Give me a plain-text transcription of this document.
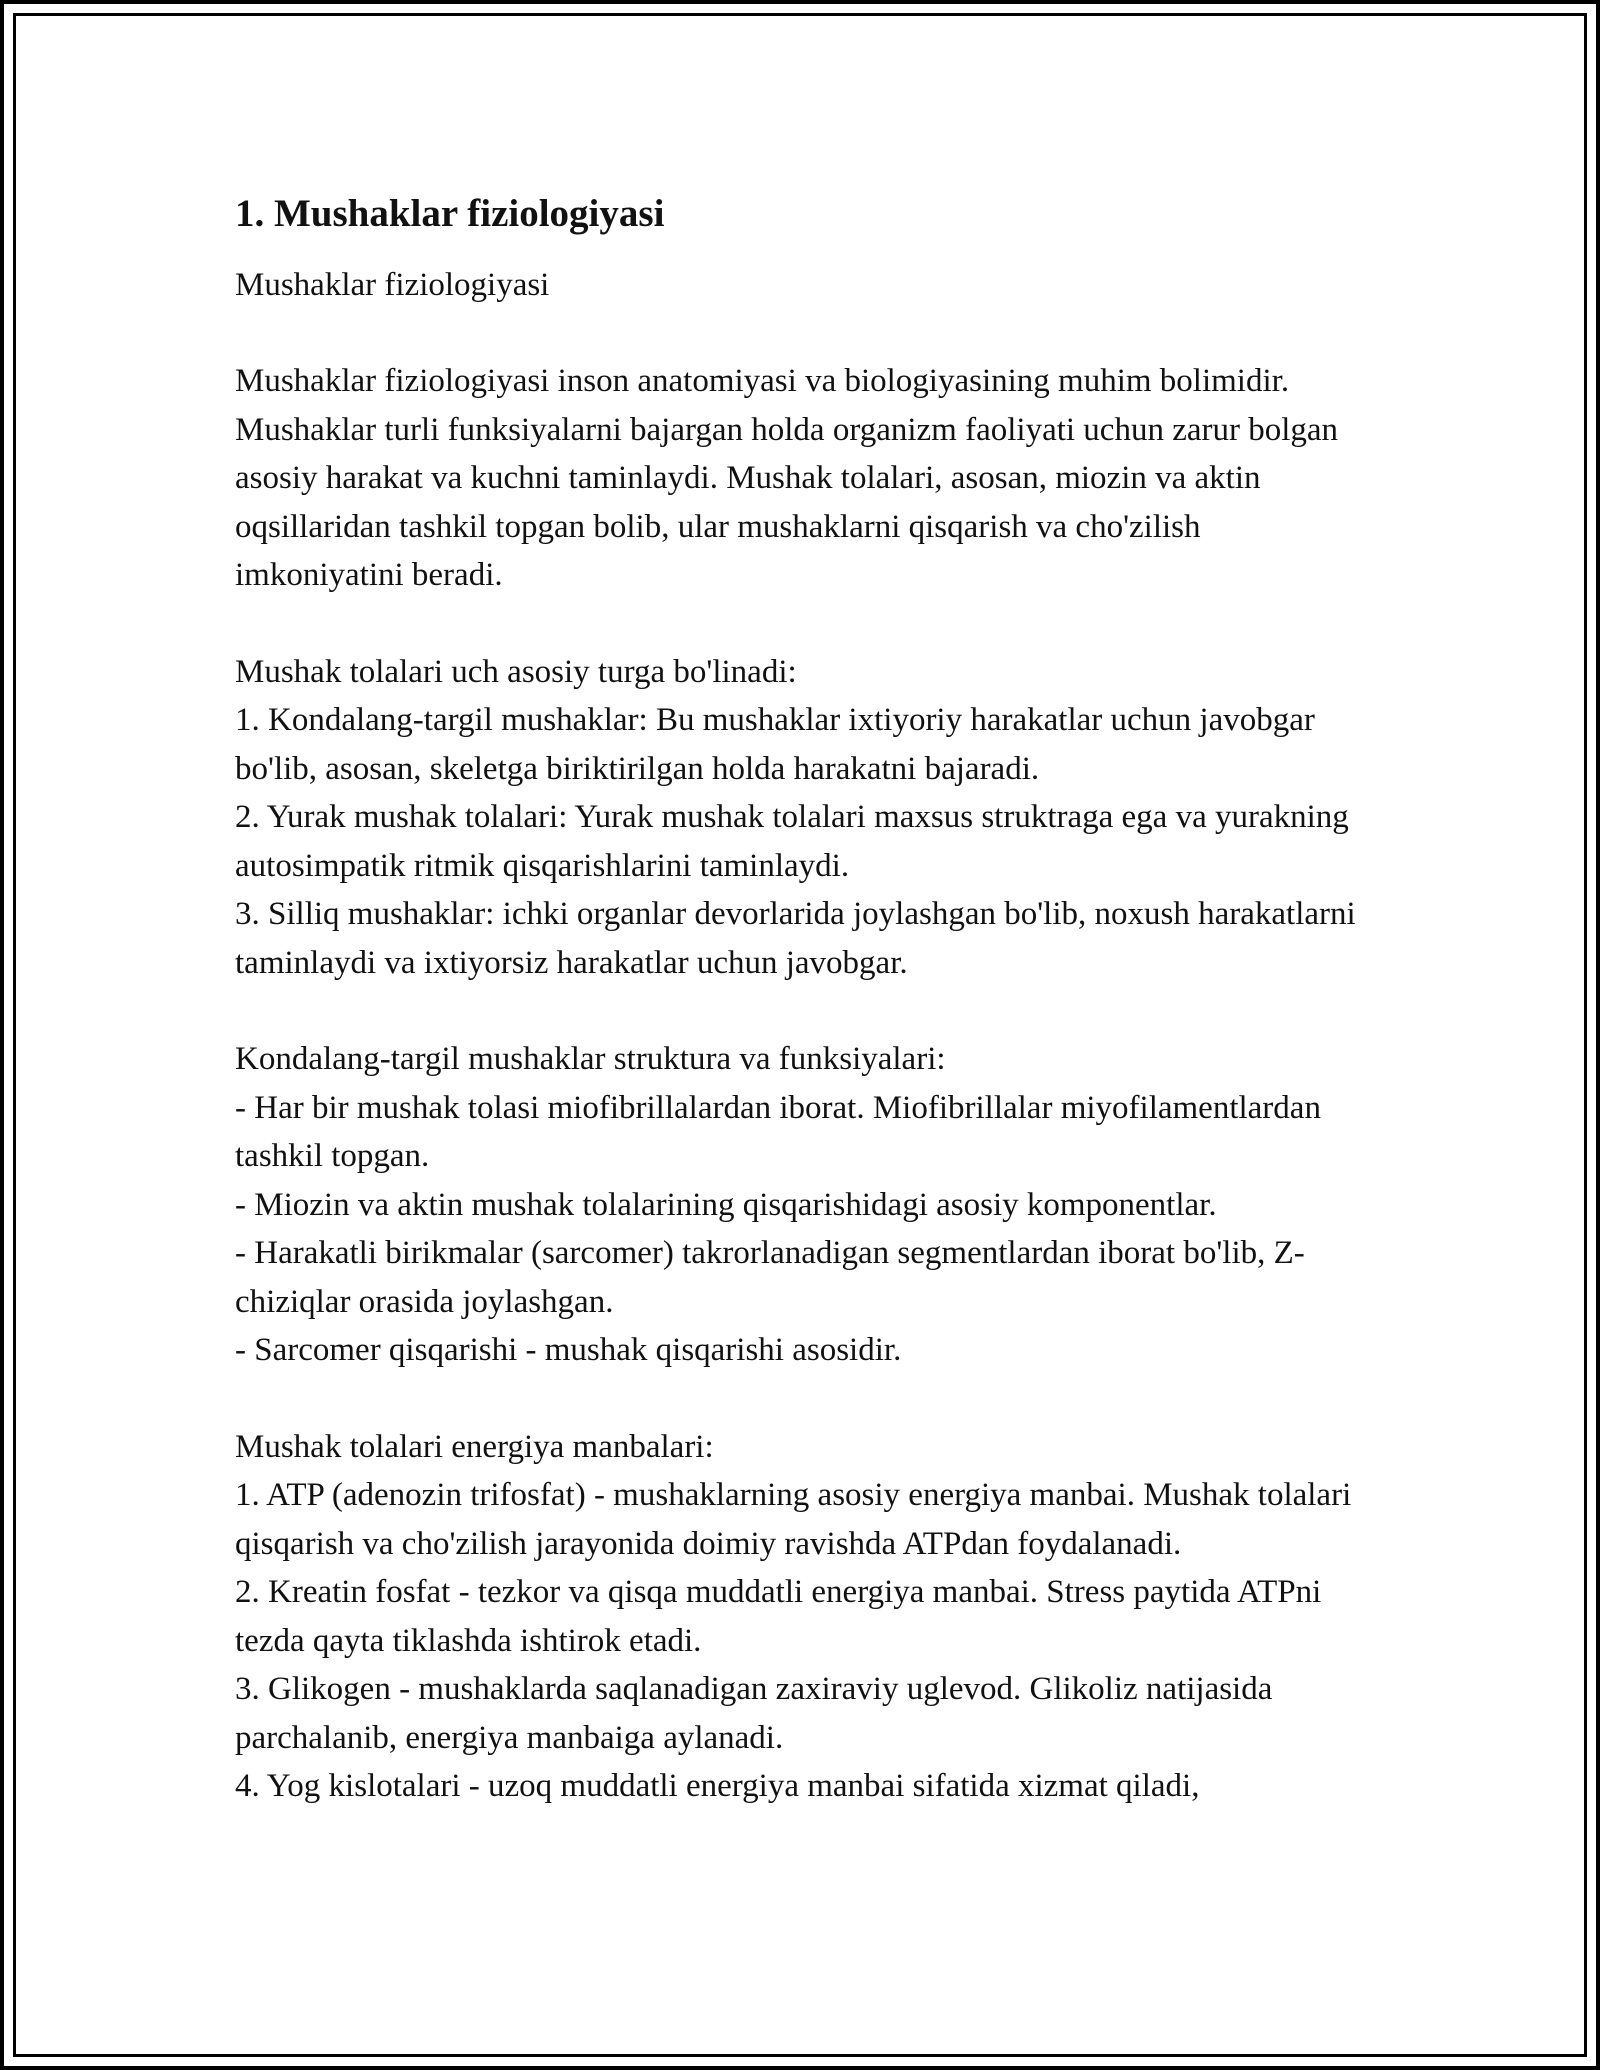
1. Mushaklar fiziologiyasi

Mushaklar fiziologiyasi

Mushaklar fiziologiyasi inson anatomiyasi va biologiyasining muhim bolimidir. Mushaklar turli funksiyalarni bajargan holda organizm faoliyati uchun zarur bolgan asosiy harakat va kuchni taminlaydi. Mushak tolalari, asosan, miozin va aktin oqsillaridan tashkil topgan bolib, ular mushaklarni qisqarish va cho'zilish imkoniyatini beradi.

Mushak tolalari uch asosiy turga bo'linadi:
1. Kondalang-targil mushaklar: Bu mushaklar ixtiyoriy harakatlar uchun javobgar bo'lib, asosan, skeletga biriktirilgan holda harakatni bajaradi.
2. Yurak mushak tolalari: Yurak mushak tolalari maxsus struktraga ega va yurakning autosimpatik ritmik qisqarishlarini taminlaydi.
3. Silliq mushaklar: ichki organlar devorlarida joylashgan bo'lib, noxush harakatlarni taminlaydi va ixtiyorsiz harakatlar uchun javobgar.
Kondalang-targil mushaklar struktura va funksiyalari:
- Har bir mushak tolasi miofibrillalardan iborat. Miofibrillalar miyofilamentlardan tashkil topgan.
- Miozin va aktin mushak tolalarining qisqarishidagi asosiy komponentlar.
- Harakatli birikmalar (sarcomer) takrorlanadigan segmentlardan iborat bo'lib, Z-chiziqlar orasida joylashgan.
- Sarcomer qisqarishi - mushak qisqarishi asosidir.
Mushak tolalari energiya manbalari:
1. ATP (adenozin trifosfat) - mushaklarning asosiy energiya manbai. Mushak tolalari qisqarish va cho'zilish jarayonida doimiy ravishda ATPdan foydalanadi.
2. Kreatin fosfat - tezkor va qisqa muddatli energiya manbai. Stress paytida ATPni tezda qayta tiklashda ishtirok etadi.
3. Glikogen - mushaklarda saqlanadigan zaxiraviy uglevod. Glikoliz natijasida parchalanib, energiya manbaiga aylanadi.
4. Yog kislotalari - uzoq muddatli energiya manbai sifatida xizmat qiladi,
